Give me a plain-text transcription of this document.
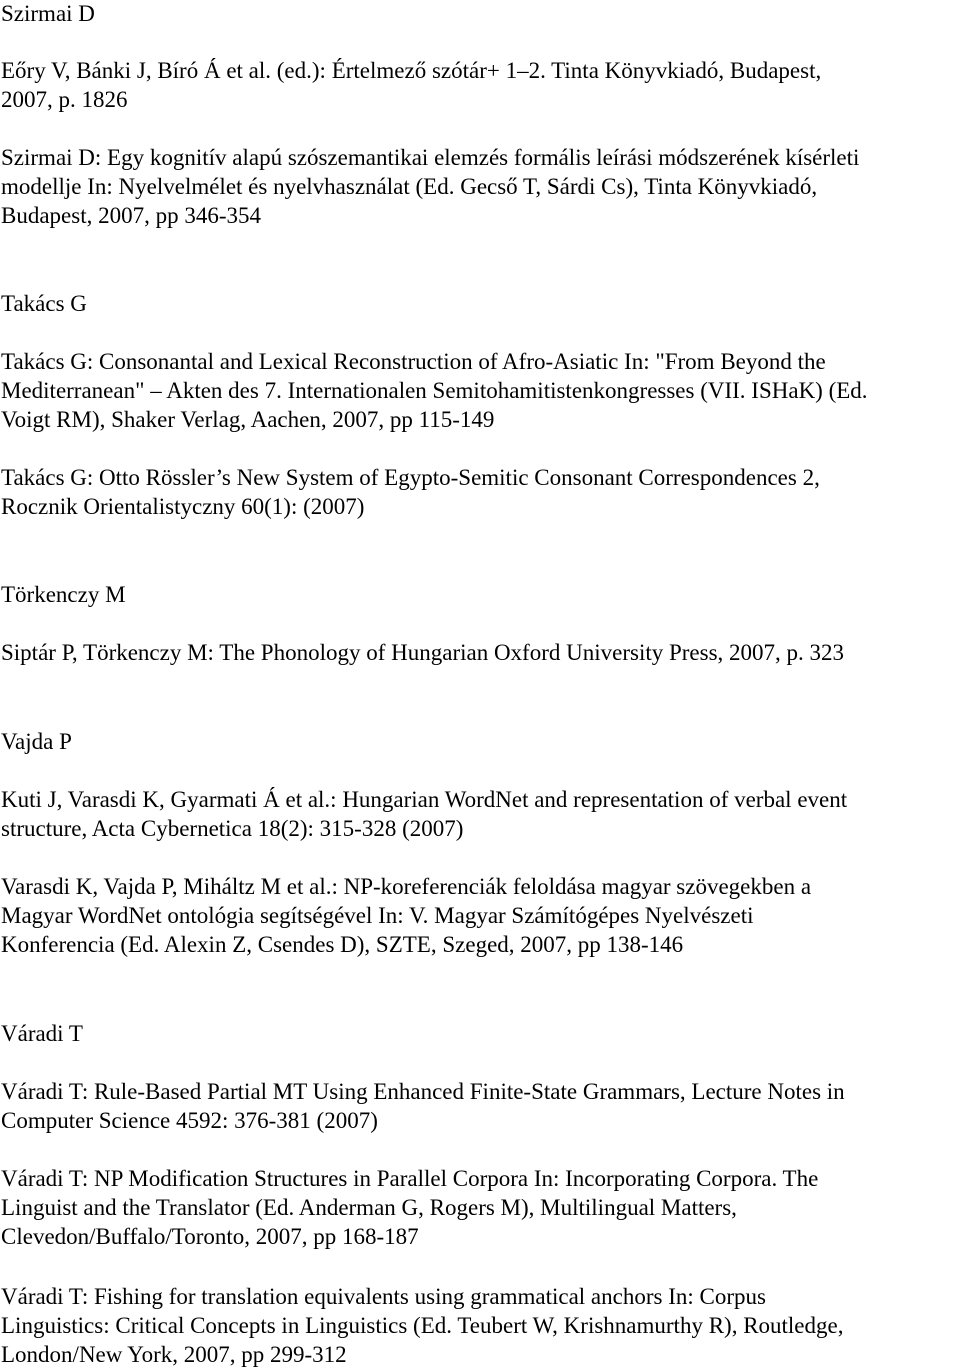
Szirmai D
Eőry V, Bánki J, Bíró Á et al. (ed.): Értelmező szótár+ 1–2. Tinta Könyvkiadó, Budapest,
2007, p. 1826
Szirmai D: Egy kognitív alapú szószemantikai elemzés formális leírási módszerének kísérleti
modellje In: Nyelvelmélet és nyelvhasználat (Ed. Gecső T, Sárdi Cs), Tinta Könyvkiadó,
Budapest, 2007, pp 346-354
Takács G
Takács G: Consonantal and Lexical Reconstruction of Afro-Asiatic In: "From Beyond the
Mediterranean" – Akten des 7. Internationalen Semitohamitistenkongresses (VII. ISHaK) (Ed.
Voigt RM), Shaker Verlag, Aachen, 2007, pp 115-149
Takács G: Otto Rössler’s New System of Egypto-Semitic Consonant Correspondences 2,
Rocznik Orientalistyczny 60(1): (2007)
Törkenczy M
Siptár P, Törkenczy M: The Phonology of Hungarian Oxford University Press, 2007, p. 323
Vajda P
Kuti J, Varasdi K, Gyarmati Á et al.: Hungarian WordNet and representation of verbal event
structure, Acta Cybernetica 18(2): 315-328 (2007)
Varasdi K, Vajda P, Miháltz M et al.: NP-koreferenciák feloldása magyar szövegekben a
Magyar WordNet ontológia segítségével In: V. Magyar Számítógépes Nyelvészeti
Konferencia (Ed. Alexin Z, Csendes D), SZTE, Szeged, 2007, pp 138-146
Váradi T
Váradi T: Rule-Based Partial MT Using Enhanced Finite-State Grammars, Lecture Notes in
Computer Science 4592: 376-381 (2007)
Váradi T: NP Modification Structures in Parallel Corpora In: Incorporating Corpora. The
Linguist and the Translator (Ed. Anderman G, Rogers M), Multilingual Matters,
Clevedon/Buffalo/Toronto, 2007, pp 168-187
Váradi T: Fishing for translation equivalents using grammatical anchors In: Corpus
Linguistics: Critical Concepts in Linguistics (Ed. Teubert W, Krishnamurthy R), Routledge,
London/New York, 2007, pp 299-312
